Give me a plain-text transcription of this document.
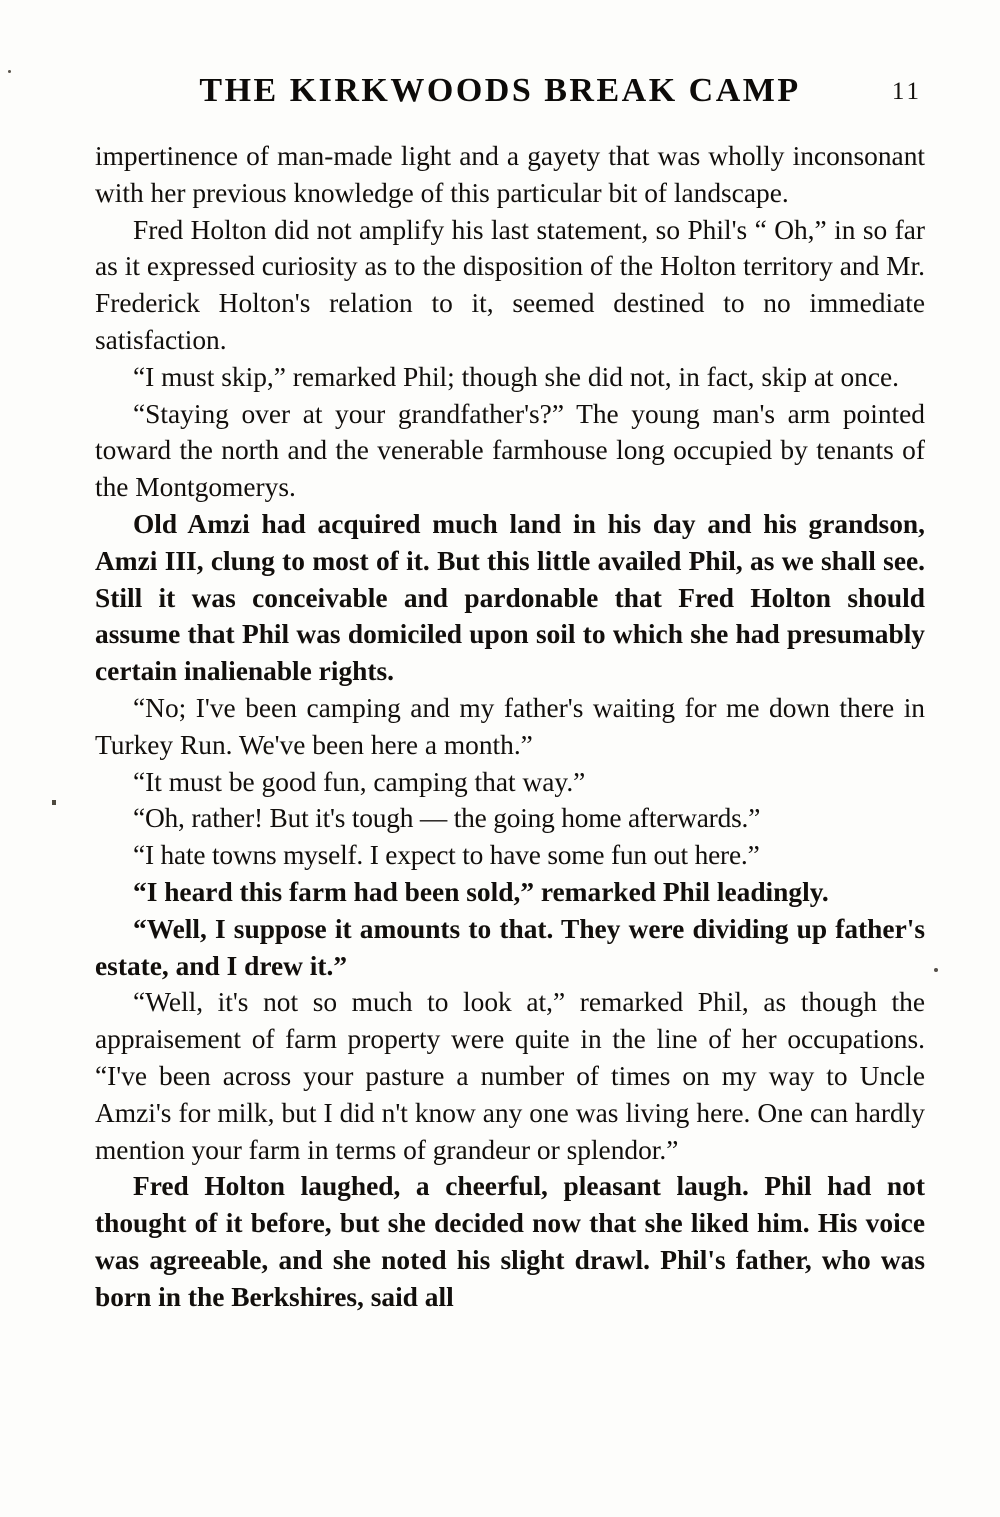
THE KIRKWOODS BREAK CAMP	11

impertinence of man-made light and a gayety that was wholly inconsonant with her previous knowledge of this particular bit of landscape.

Fred Holton did not amplify his last statement, so Phil's “ Oh,” in so far as it expressed curiosity as to the disposition of the Holton territory and Mr. Frederick Holton's relation to it, seemed destined to no immediate satisfaction.

“I must skip,” remarked Phil; though she did not, in fact, skip at once.

“Staying over at your grandfather's?” The young man's arm pointed toward the north and the venerable farmhouse long occupied by tenants of the Montgomerys.

Old Amzi had acquired much land in his day and his grandson, Amzi III, clung to most of it. But this little availed Phil, as we shall see. Still it was conceivable and pardonable that Fred Holton should assume that Phil was domiciled upon soil to which she had presumably certain inalienable rights.

“No; I've been camping and my father's waiting for me down there in Turkey Run. We've been here a month.”

“It must be good fun, camping that way.”

“Oh, rather! But it's tough — the going home afterwards.”

“I hate towns myself. I expect to have some fun out here.”

“I heard this farm had been sold,” remarked Phil leadingly.

“Well, I suppose it amounts to that. They were dividing up father's estate, and I drew it.”

“Well, it's not so much to look at,” remarked Phil, as though the appraisement of farm property were quite in the line of her occupations. “I've been across your pasture a number of times on my way to Uncle Amzi's for milk, but I did n't know any one was living here. One can hardly mention your farm in terms of grandeur or splendor.”

Fred Holton laughed, a cheerful, pleasant laugh. Phil had not thought of it before, but she decided now that she liked him. His voice was agreeable, and she noted his slight drawl. Phil's father, who was born in the Berkshires, said all
